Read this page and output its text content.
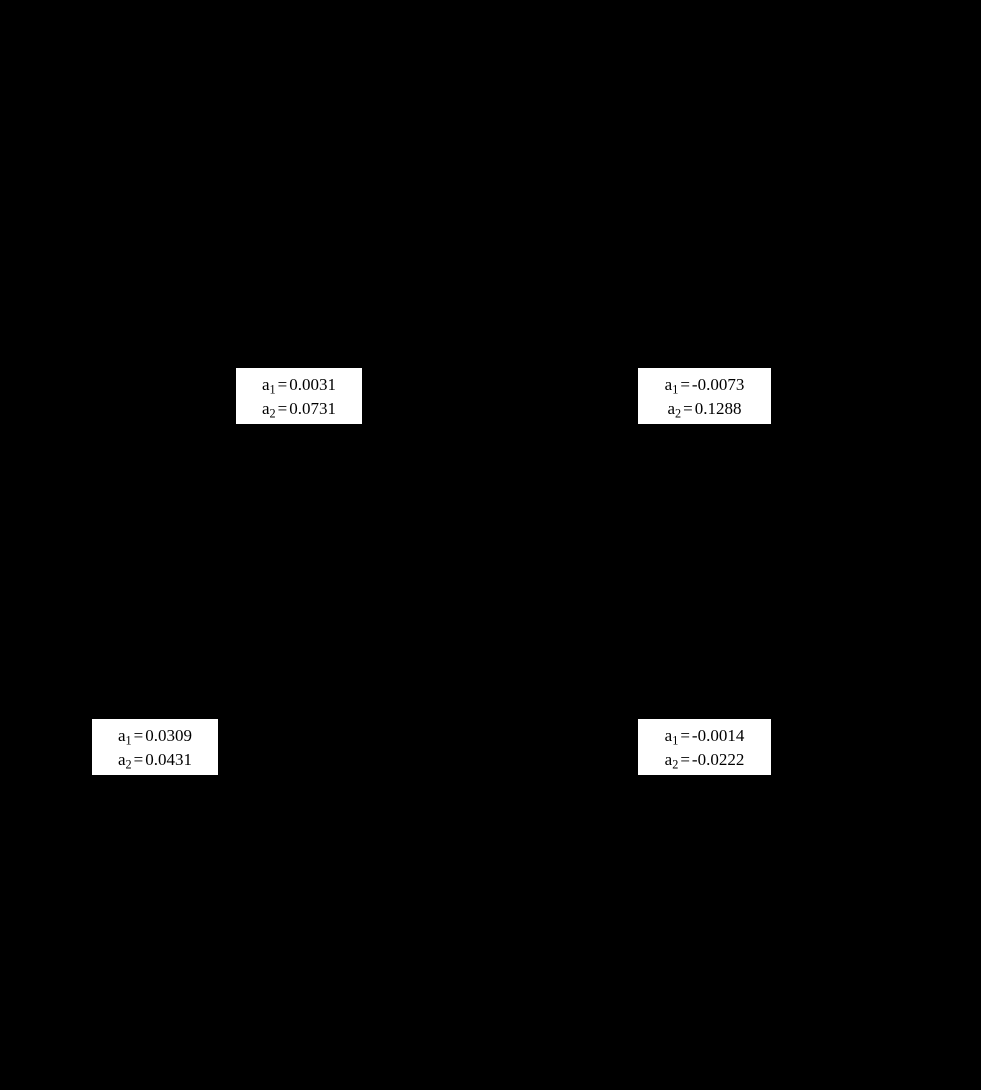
$a_1 = 0.0031$
$a_2 = 0.0731$
$a_1 = -0.0073$
$a_2 = 0.1288$
$a_1 = 0.0309$
$a_2 = 0.0431$
$a_1 = -0.0014$
$a_2 = -0.0222$
